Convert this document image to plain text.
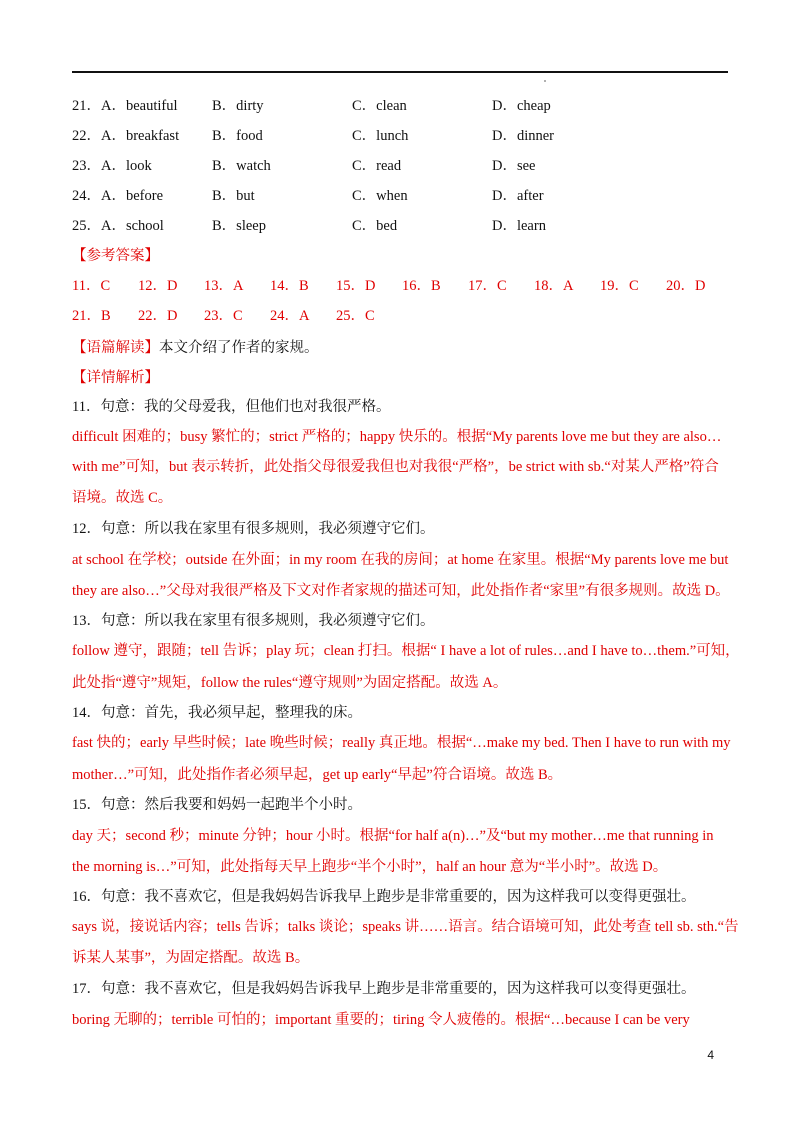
21．A．beautiful B．dirty	C．clean	D．cheap
22．A．breakfast B．food	C．lunch	D．dinner
23．A．look	B．watch	C．read	D．see
24．A．before	B．but	C．when	D．after
25．A．school	B．sleep	C．bed	D．learn
【参考答案】
11．C 12．D 13．A 14．B 15．D 16．B 17．C 18．A 19．C 20．D
21．B 22．D 23．C 24．A 25．C
【语篇解读】本文介绍了作者的家规。
【详情解析】
11．句意：我的父母爱我，但他们也对我很严格。
difficult 困难的；busy 繁忙的；strict 严格的；happy 快乐的。根据“My parents love me but they are also…
with me”可知，but 表示转折，此处指父母很爱我但也对我很“严格”，be strict with sb.“对某人严格”符合
语境。故选 C。
12．句意：所以我在家里有很多规则，我必须遵守它们。
at school 在学校；outside 在外面；in my room 在我的房间；at home 在家里。根据“My parents love me but
they are also…”父母对我很严格及下文对作者家规的描述可知，此处指作者“家里”有很多规则。故选 D。
13．句意：所以我在家里有很多规则，我必须遵守它们。
follow 遵守，跟随；tell 告诉；play 玩；clean 打扫。根据“ I have a lot of rules…and I have to…them.”可知，
此处指“遵守”规矩，follow the rules“遵守规则”为固定搭配。故选 A。
14．句意：首先，我必须早起，整理我的床。
fast 快的；early 早些时候；late 晚些时候；really 真正地。根据“…make my bed. Then I have to run with my
mother…”可知，此处指作者必须早起，get up early“早起”符合语境。故选 B。
15．句意：然后我要和妈妈一起跑半个小时。
day 天；second 秒；minute 分钟；hour 小时。根据“for half a(n)…”及“but my mother…me that running in
the morning is…”可知，此处指每天早上跑步“半个小时”，half an hour 意为“半小时”。故选 D。
16．句意：我不喜欢它，但是我妈妈告诉我早上跑步是非常重要的，因为这样我可以变得更强壮。
says 说，接说话内容；tells 告诉；talks 谈论；speaks 讲……语言。结合语境可知，此处考查 tell sb. sth.“告
诉某人某事”，为固定搭配。故选 B。
17．句意：我不喜欢它，但是我妈妈告诉我早上跑步是非常重要的，因为这样我可以变得更强壮。
boring 无聊的；terrible 可怕的；important 重要的；tiring 令人疲倦的。根据“…because I can be very
4
